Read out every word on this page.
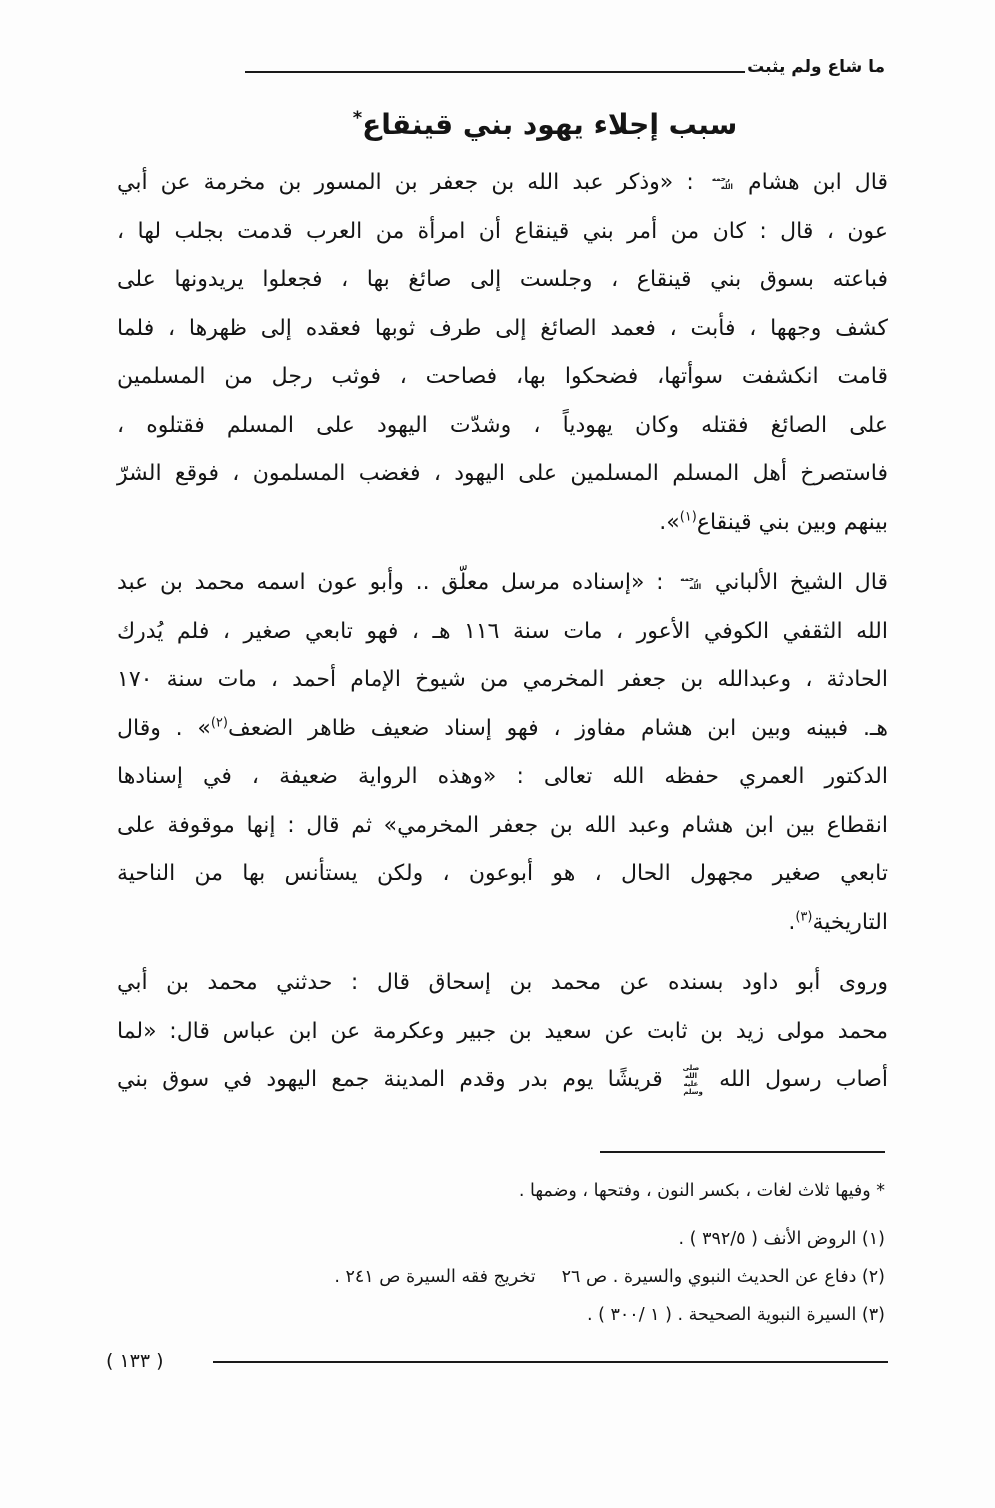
ما شاع ولم يثبت
سبب إجلاء يهود بني قينقاع*
قال ابن هشام رحمه الله : «وذكر عبد الله بن جعفر بن المسور بن مخرمة عن أبي
عون ، قال : كان من أمر بني قينقاع أن امرأة من العرب قدمت بجلب لها ،
فباعته بسوق بني قينقاع ، وجلست إلى صائغ بها ، فجعلوا يريدونها على
كشف وجهها ، فأبت ، فعمد الصائغ إلى طرف ثوبها فعقده إلى ظهرها ، فلما
قامت انكشفت سوأتها، فضحكوا بها، فصاحت ، فوثب رجل من المسلمين
على الصائغ فقتله وكان يهودياً ، وشدّت اليهود على المسلم فقتلوه ،
فاستصرخ أهل المسلم المسلمين على اليهود ، فغضب المسلمون ، فوقع الشرّ
بينهم وبين بني قينقاع$^{(١)}$».
قال الشيخ الألباني رحمه الله : «إسناده مرسل معلّق .. وأبو عون اسمه محمد بن عبد
الله الثقفي الكوفي الأعور ، مات سنة ١١٦ هـ ، فهو تابعي صغير ، فلم يُدرك
الحادثة ، وعبدالله بن جعفر المخرمي من شيوخ الإمام أحمد ، مات سنة ١٧٠
هـ. فبينه وبين ابن هشام مفاوز ، فهو إسناد ضعيف ظاهر الضعف$^{(٢)}$» . وقال
الدكتور العمري حفظه الله تعالى : «وهذه الرواية ضعيفة ، في إسنادها
انقطاع بين ابن هشام وعبد الله بن جعفر المخرمي» ثم قال : إنها موقوفة على
تابعي صغير مجهول الحال ، هو أبوعون ، ولكن يستأنس بها من الناحية
التاريخية$^{(٣)}$.
وروى أبو داود بسنده عن محمد بن إسحاق قال : حدثني محمد بن أبي
محمد مولى زيد بن ثابت عن سعيد بن جبير وعكرمة عن ابن عباس قال: «لما
أصاب رسول الله صلى الله عليه وسلم قريشًا يوم بدر وقدم المدينة جمع اليهود في سوق بني
* وفيها ثلاث لغات ، بكسر النون ، وفتحها ، وضمها .
(١) الروض الأنف ( ٣٩٢/٥ ) .
(٢) دفاع عن الحديث النبوي والسيرة . ص ٢٦تخريج فقه السيرة ص ٢٤١ .
(٣) السيرة النبوية الصحيحة . ( ١ /٣٠٠ ) .
( ١٣٣ )
